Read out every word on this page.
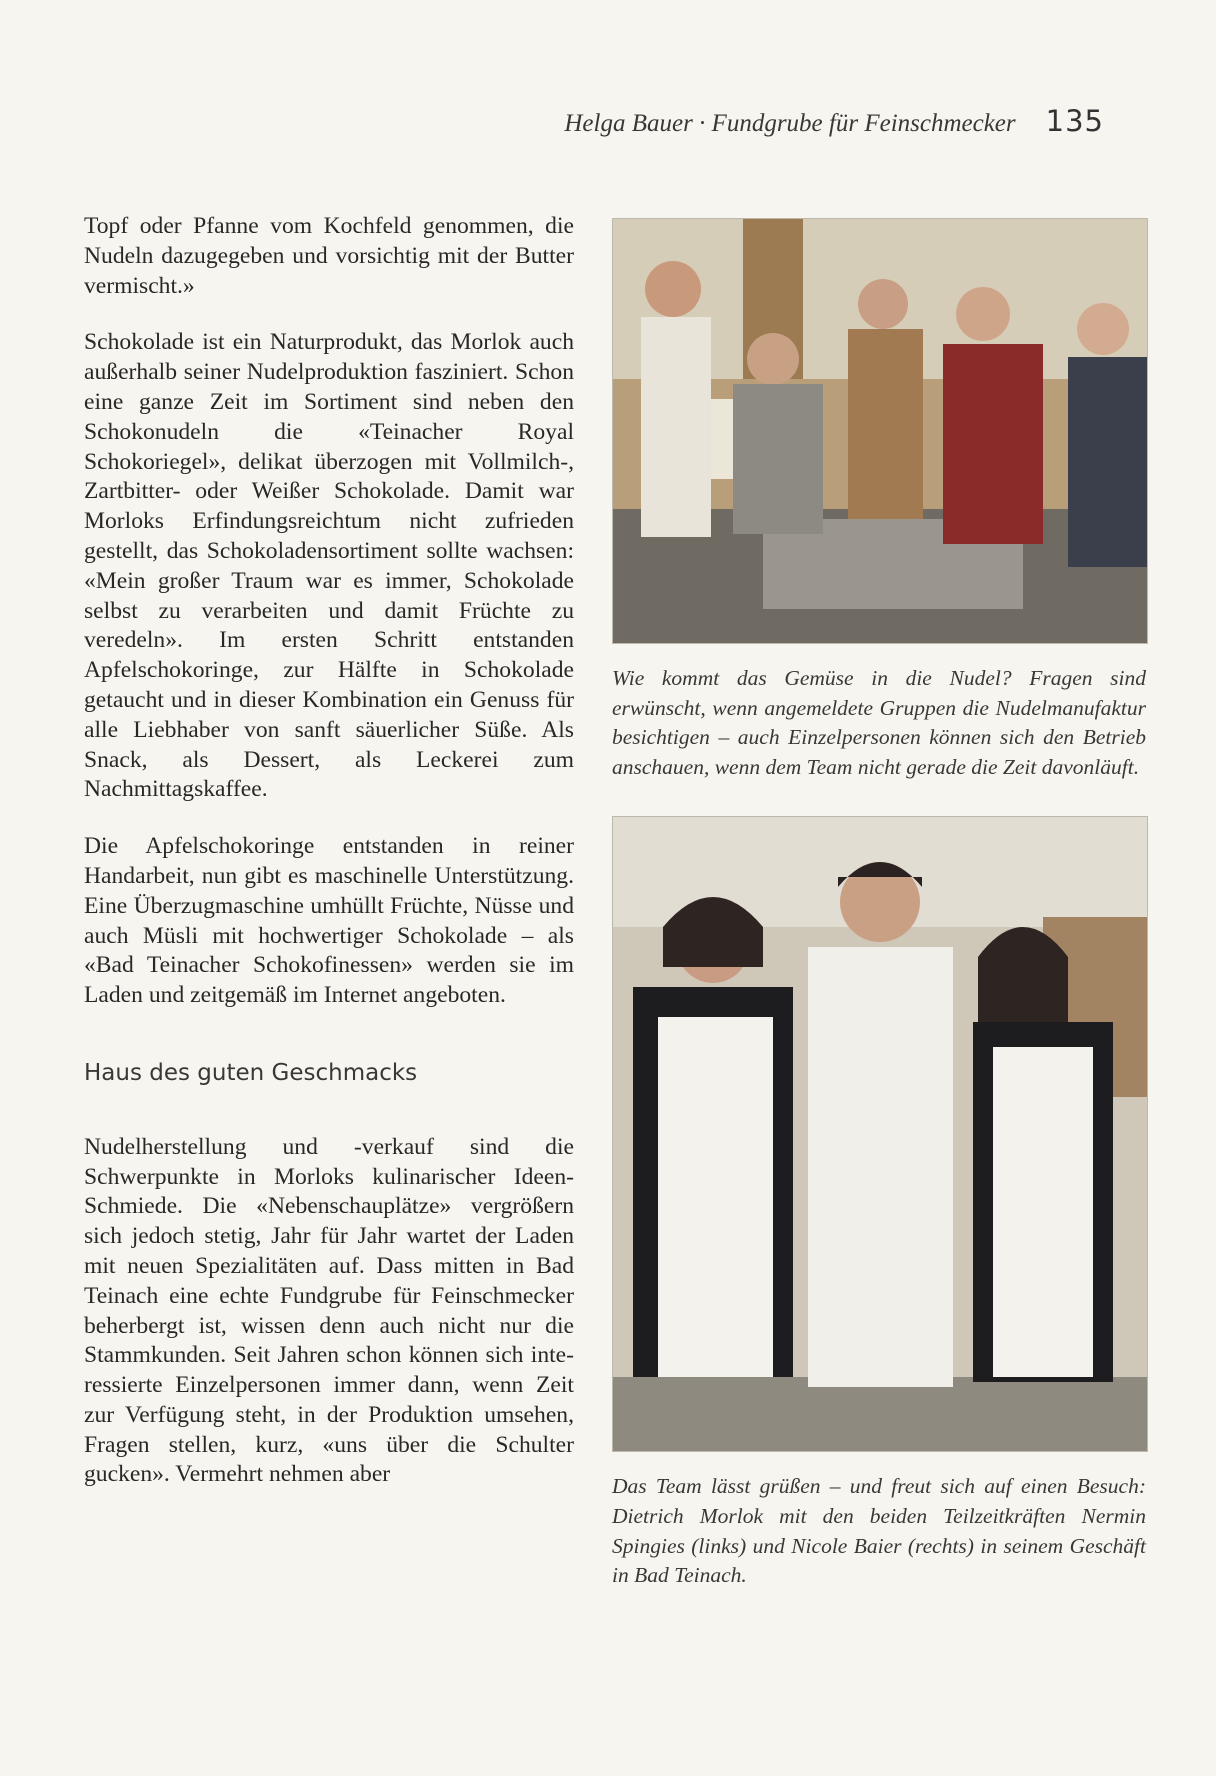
Helga Bauer · Fundgrube für Feinschmecker 135

Topf oder Pfanne vom Kochfeld genommen, die Nudeln dazugegeben und vorsichtig mit der Butter vermischt.»

Schokolade ist ein Naturprodukt, das Morlok auch außerhalb seiner Nudelproduktion fasziniert. Schon eine ganze Zeit im Sortiment sind neben den Schokonudeln die «Teinacher Royal Schokoriegel», delikat überzogen mit Vollmilch-, Zartbitter- oder Weißer Schokolade. Damit war Morloks Erfindungsreichtum nicht zufrieden gestellt, das Schokoladensortiment sollte wachsen: «Mein großer Traum war es immer, Schokolade selbst zu verarbeiten und damit Früchte zu veredeln». Im ersten Schritt entstanden Apfelschokoringe, zur Hälfte in Schokolade getaucht und in dieser Kombination ein Genuss für alle Liebhaber von sanft säuerlicher Süße. Als Snack, als Dessert, als Leckerei zum Nachmittagskaffee.

Die Apfelschokoringe entstanden in reiner Handarbeit, nun gibt es maschinelle Unterstützung. Eine Überzugmaschine umhüllt Früchte, Nüsse und auch Müsli mit hochwertiger Schokolade – als «Bad Teinacher Schokofinessen» werden sie im Laden und zeitgemäß im Internet angeboten.

Haus des guten Geschmacks

Nudelherstellung und -verkauf sind die Schwerpunkte in Morloks kulinarischer Ideen-Schmiede. Die «Nebenschauplätze» vergrößern sich jedoch stetig, Jahr für Jahr wartet der Laden mit neuen Spezialitäten auf. Dass mitten in Bad Teinach eine echte Fundgrube für Feinschmecker beherbergt ist, wissen denn auch nicht nur die Stammkunden. Seit Jahren schon können sich interessierte Einzelpersonen immer dann, wenn Zeit zur Verfügung steht, in der Produktion umsehen, Fragen stellen, kurz, «uns über die Schulter gucken». Vermehrt nehmen aber

Wie kommt das Gemüse in die Nudel? Fragen sind erwünscht, wenn angemeldete Gruppen die Nudelmanufaktur besichtigen – auch Einzelpersonen können sich den Betrieb anschauen, wenn dem Team nicht gerade die Zeit davonläuft.

Das Team lässt grüßen – und freut sich auf einen Besuch: Dietrich Morlok mit den beiden Teilzeitkräften Nermin Spingies (links) und Nicole Baier (rechts) in seinem Geschäft in Bad Teinach.
